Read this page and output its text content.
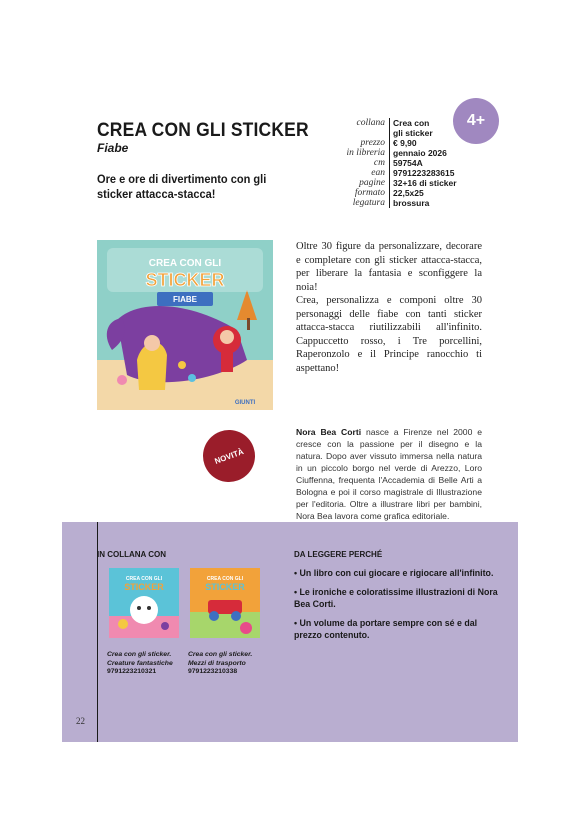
CREA CON GLI STICKER
Fiabe
Ore e ore di divertimento con gli sticker attacca-stacca!
collana Crea con
gli sticker
prezzo € 9,90
in libreria gennaio 2026
cm 59754A
ean 9791223283615
pagine 32+16 di sticker
formato 22,5x25
legatura brossura
4+
CREA CON GLI
STICKER
FIABE
GIUNTI
NOVITÀ
Oltre 30 figure da personalizzare, decorare e completare con gli sticker attacca-stacca, per liberare la fantasia e sconfiggere la noia!
Crea, personalizza e componi oltre 30 personaggi delle fiabe con tanti sticker attacca-stacca riutilizzabili all'infinito. Cappuccetto rosso, i Tre porcellini, Raperonzolo e il Principe ranocchio ti aspettano!
Nora Bea Corti nasce a Firenze nel 2000 e cresce con la passione per il disegno e la natura. Dopo aver vissuto immersa nella natura in un piccolo borgo nel verde di Arezzo, Loro Ciuffenna, frequenta l'Accademia di Belle Arti a Bologna e poi il corso magistrale di Illustrazione per l'editoria. Oltre a illustrare libri per bambini, Nora Bea lavora come grafica editoriale.
22
IN COLLANA CON	DA LEGGERE PERCHÉ
CREA CON GLI
STICKER
CREA CON GLI
STICKER
Crea con gli sticker.
Creature fantastiche
9791223210321
Crea con gli sticker.
Mezzi di trasporto
9791223210338
• Un libro con cui giocare e rigiocare all'infinito.
• Le ironiche e coloratissime illustrazioni di Nora Bea Corti.
• Un volume da portare sempre con sé e dal prezzo contenuto.
